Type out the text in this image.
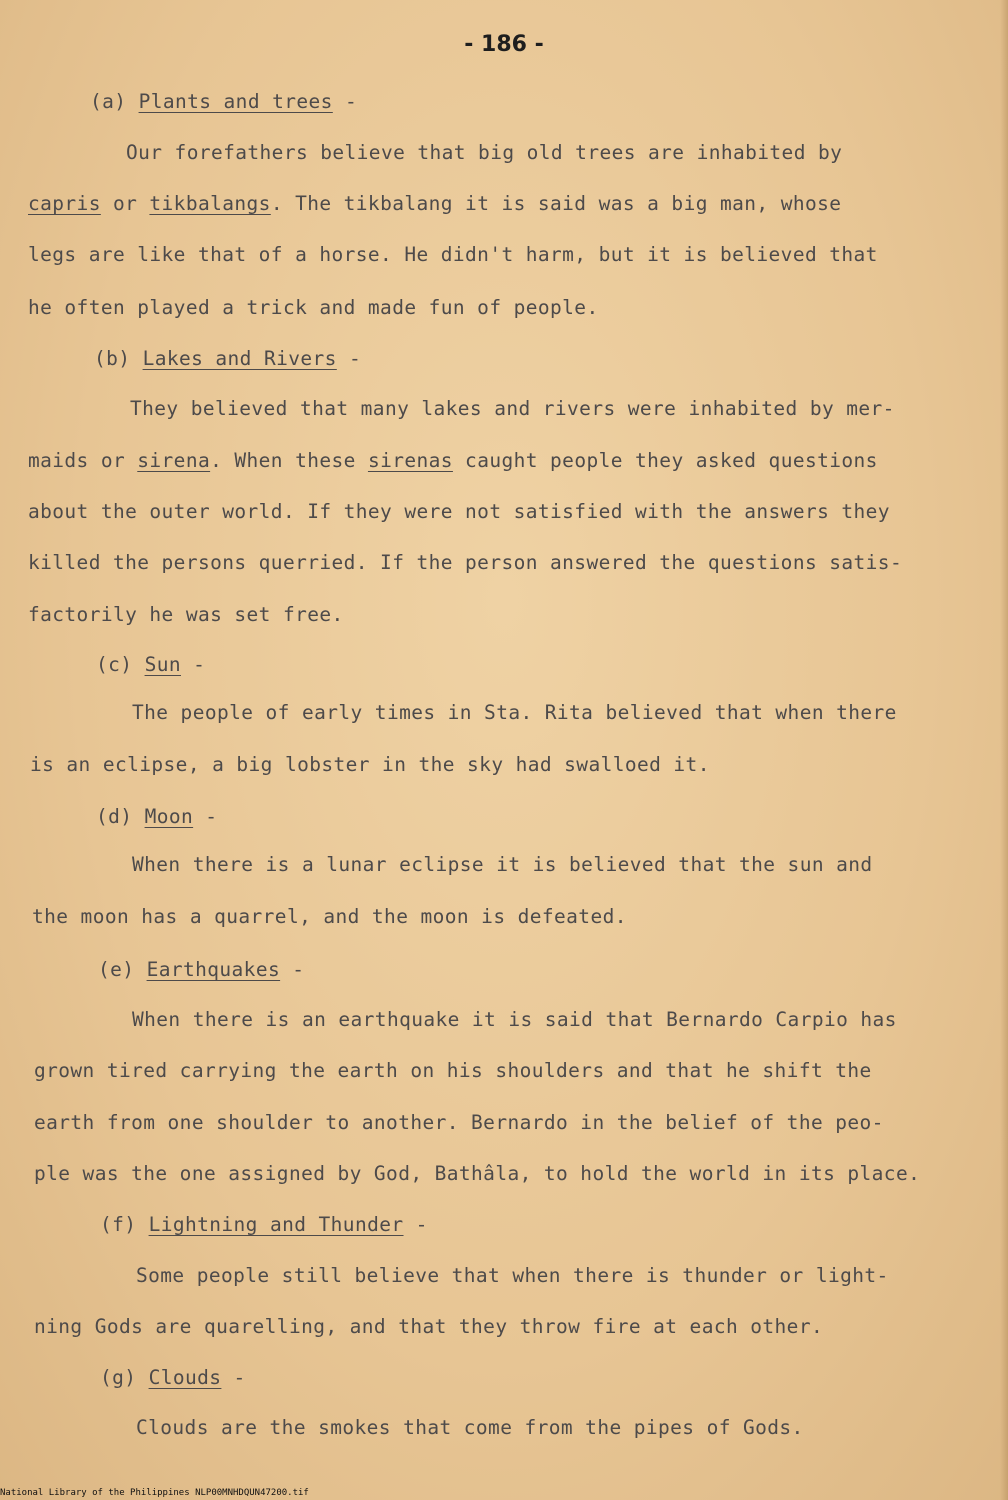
- 186 -
(a) Plants and trees -
Our forefathers believe that big old trees are inhabited by
capris or tikbalangs. The tikbalang it is said was a big man, whose
legs are like that of a horse. He didn't harm, but it is believed that
he often played a trick and made fun of people.
(b) Lakes and Rivers -
They believed that many lakes and rivers were inhabited by mer-
maids or sirena. When these sirenas caught people they asked questions
about the outer world. If they were not satisfied with the answers they
killed the persons querried. If the person answered the questions satis-
factorily he was set free.
(c) Sun -
The people of early times in Sta. Rita believed that when there
is an eclipse, a big lobster in the sky had swalloed it.
(d) Moon -
When there is a lunar eclipse it is believed that the sun and
the moon has a quarrel, and the moon is defeated.
(e) Earthquakes -
When there is an earthquake it is said that Bernardo Carpio has
grown tired carrying the earth on his shoulders and that he shift the
earth from one shoulder to another. Bernardo in the belief of the peo-
ple was the one assigned by God, Bathâla, to hold the world in its place.
(f) Lightning and Thunder -
Some people still believe that when there is thunder or light-
ning Gods are quarelling, and that they throw fire at each other.
(g) Clouds -
Clouds are the smokes that come from the pipes of Gods.
National Library of the Philippines NLP00MNHDQUN47200.tif
